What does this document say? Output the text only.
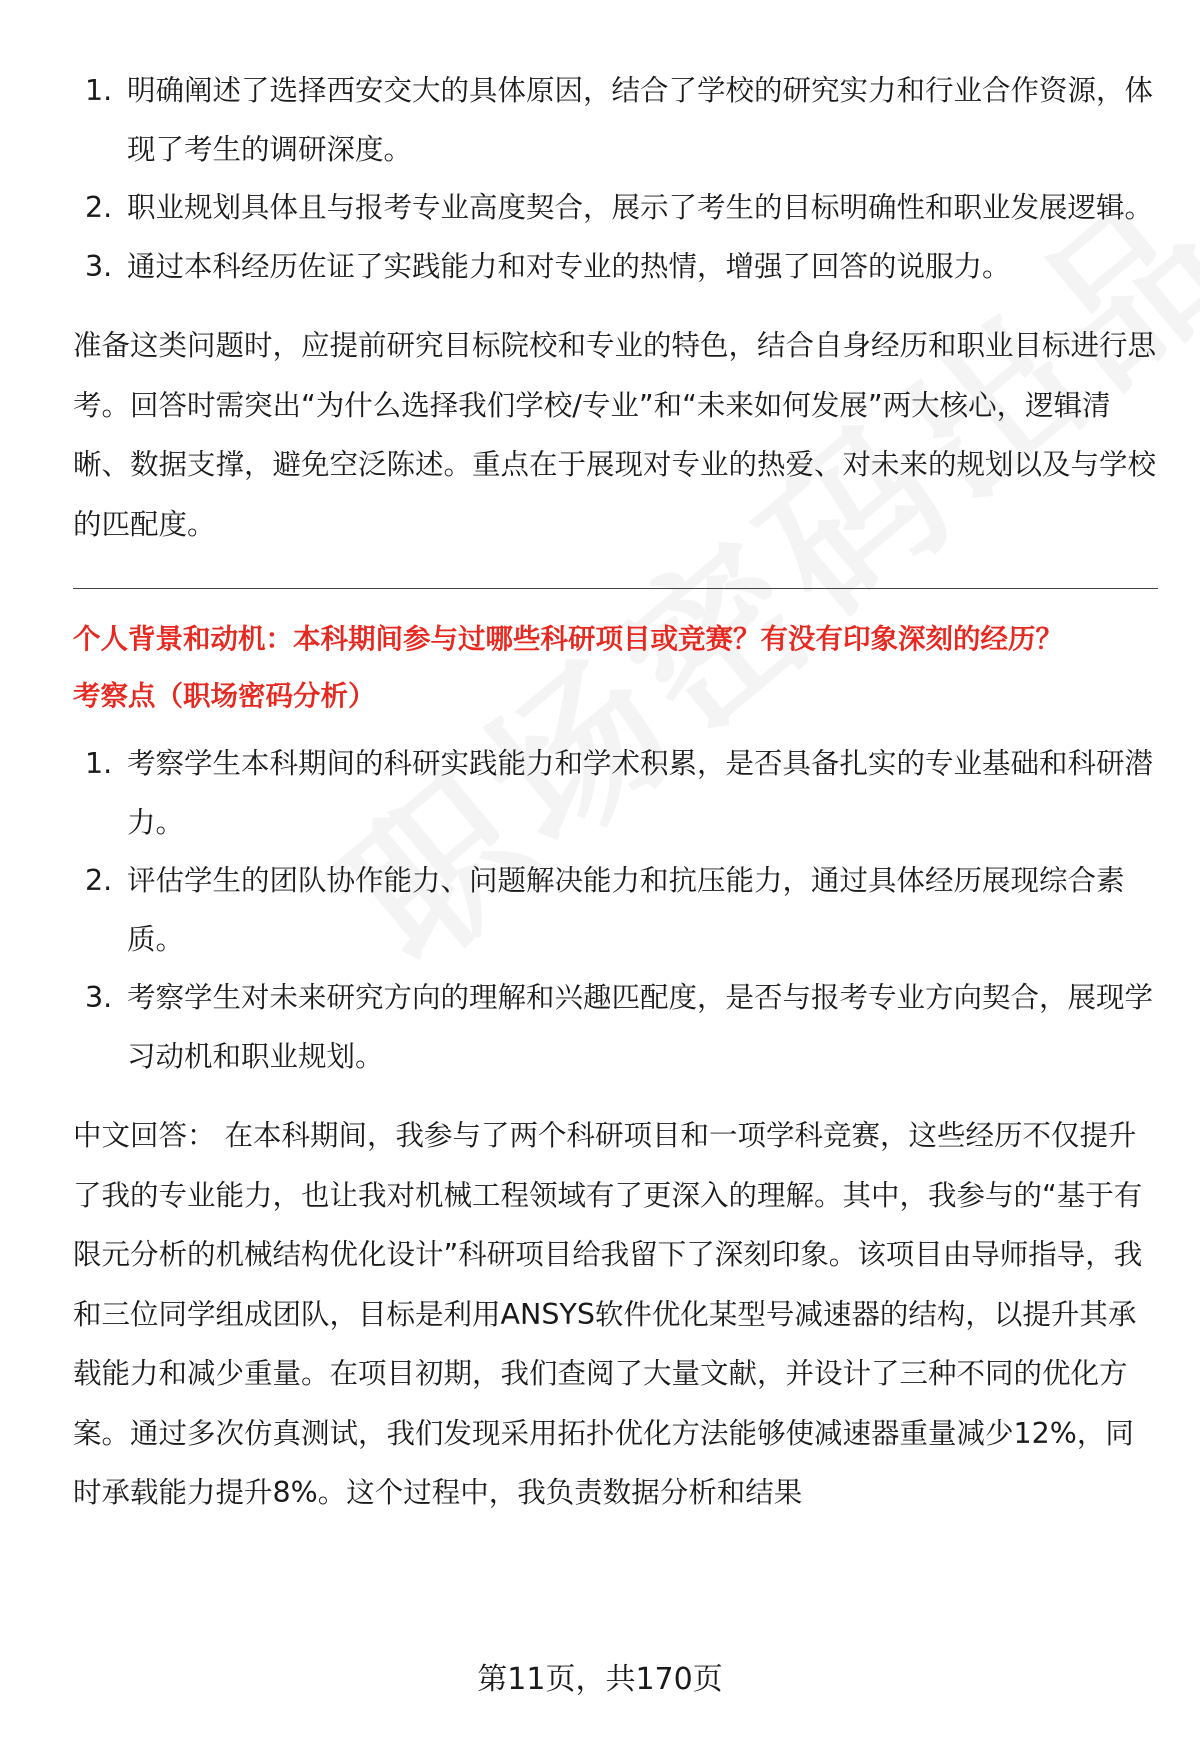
1. 明确阐述了选择西安交大的具体原因，结合了学校的研究实力和行业合作资源，体现了考生的调研深度。
2. 职业规划具体且与报考专业高度契合，展示了考生的目标明确性和职业发展逻辑。
3. 通过本科经历佐证了实践能力和对专业的热情，增强了回答的说服力。

准备这类问题时，应提前研究目标院校和专业的特色，结合自身经历和职业目标进行思考。回答时需突出“为什么选择我们学校/专业”和“未来如何发展”两大核心，逻辑清晰、数据支撑，避免空泛陈述。重点在于展现对专业的热爱、对未来的规划以及与学校的匹配度。

个人背景和动机：本科期间参与过哪些科研项目或竞赛？有没有印象深刻的经历？

考察点（职场密码分析）

1. 考察学生本科期间的科研实践能力和学术积累，是否具备扎实的专业基础和科研潜力。
2. 评估学生的团队协作能力、问题解决能力和抗压能力，通过具体经历展现综合素质。
3. 考察学生对未来研究方向的理解和兴趣匹配度，是否与报考专业方向契合，展现学习动机和职业规划。

中文回答： 在本科期间，我参与了两个科研项目和一项学科竞赛，这些经历不仅提升了我的专业能力，也让我对机械工程领域有了更深入的理解。其中，我参与的“基于有限元分析的机械结构优化设计”科研项目给我留下了深刻印象。该项目由导师指导，我和三位同学组成团队，目标是利用ANSYS软件优化某型号减速器的结构，以提升其承载能力和减少重量。在项目初期，我们查阅了大量文献，并设计了三种不同的优化方案。通过多次仿真测试，我们发现采用拓扑优化方法能够使减速器重量减少12%，同时承载能力提升8%。这个过程中，我负责数据分析和结果

第11页，共170页
